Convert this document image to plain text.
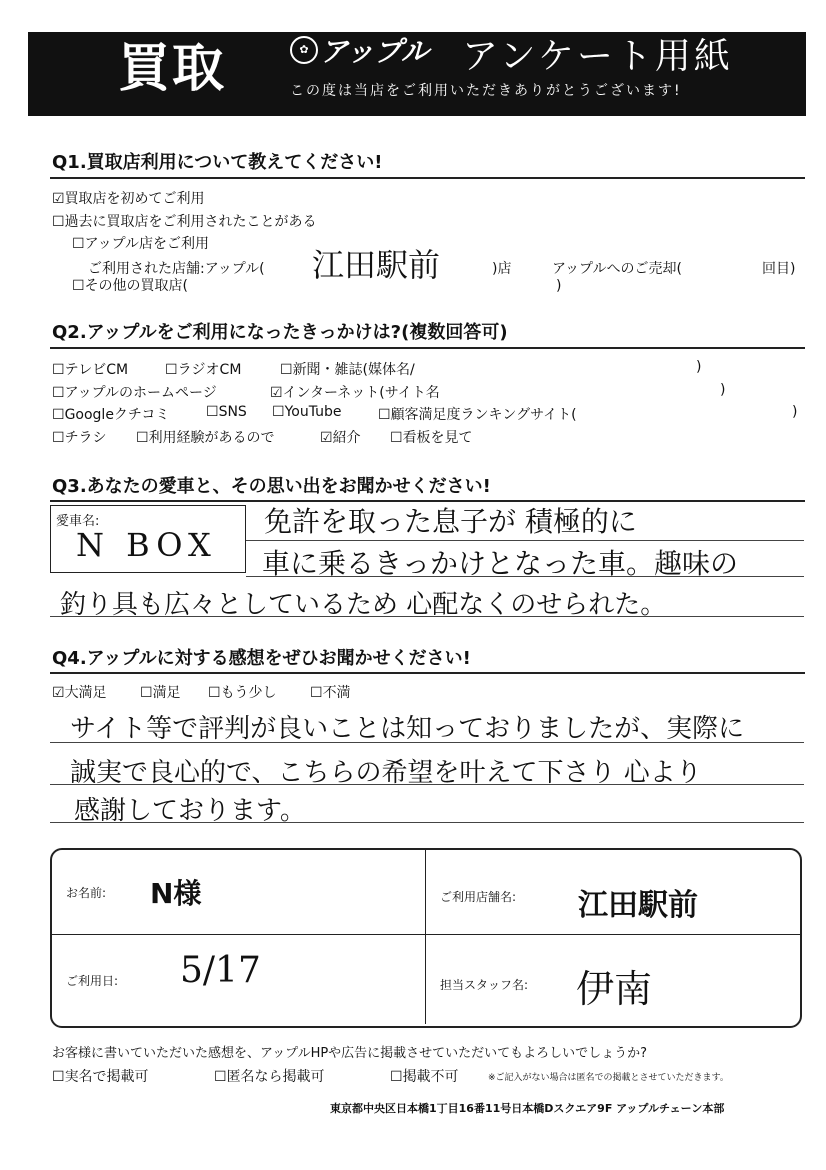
買取	✿ アップル アンケート用紙
この度は当店をご利用いただきありがとうございます!
Q1.買取店利用について教えてください!
☑買取店を初めてご利用
☐ 過去に買取店をご利用されたことがある
☐ アップル店をご利用
ご利用された店舗:アップル( 江田駅前	)店	アップルへのご売却(	回目)
☐ その他の買取店(	)
Q2.アップルをご利用になったきっかけは?(複数回答可)
☐ テレビCM ☐	ラジオCM ☐	新聞・雑誌(媒体名/	)
☐ アップルのホームページ	☑インターネット(サイト名	)
☐ Googleクチコミ ☐	SNS ☐	YouTube ☐	顧客満足度ランキングサイト(	)
☐ チラシ ☐	利用経験があるので	☑紹介 ☐	看板を見て
Q3.あなたの愛車と、その思い出をお聞かせください!
愛車名:
N BOX
免許を取った息子が 積極的に
車に乗るきっかけとなった車。趣味の
釣り具も広々としているため 心配なくのせられた。
Q4.アップルに対する感想をぜひお聞かせください!
☑大満足 ☐	満足 ☐	もう少し ☐	不満
サイト等で評判が良いことは知っておりましたが、実際に
誠実で良心的で、こちらの希望を叶えて下さり 心より
感謝しております。
お名前: N様	ご利用店舗名: 江田駅前
ご利用日: 5/17	担当スタッフ名: 伊南
お客様に書いていただいた感想を、アップルHPや広告に掲載させていただいてもよろしいでしょうか?
☐ 実名で掲載可 ☐	匿名なら掲載可 ☐	掲載不可	※ご記入がない場合は匿名での掲載とさせていただきます。
東京都中央区日本橋1丁目16番11号日本橋Dスクエア9F アップルチェーン本部
